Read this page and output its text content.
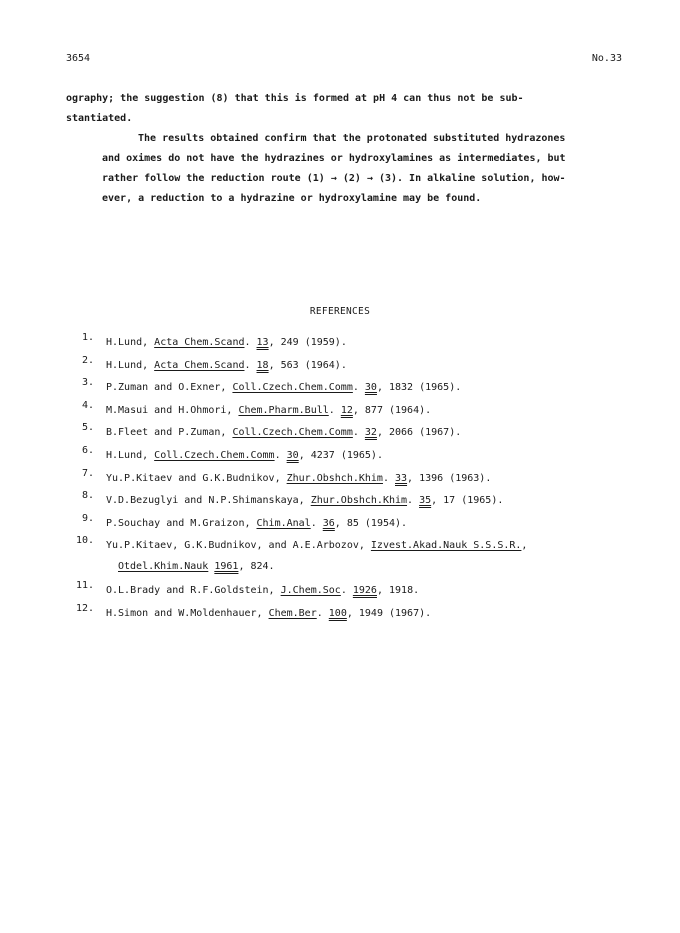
3654	No.33

ography; the suggestion (8) that this is formed at pH 4 can thus not be sub-
stantiated.

The results obtained confirm that the protonated substituted hydrazones
and oximes do not have the hydrazines or hydroxylamines as intermediates, but
rather follow the reduction route (1) → (2) → (3). In alkaline solution, how-
ever, a reduction to a hydrazine or hydroxylamine may be found.

REFERENCES
1. H.Lund, Acta Chem.Scand. 13, 249 (1959).
2. H.Lund, Acta Chem.Scand. 18, 563 (1964).
3. P.Zuman and O.Exner, Coll.Czech.Chem.Comm. 30, 1832 (1965).
4. M.Masui and H.Ohmori, Chem.Pharm.Bull. 12, 877 (1964).
5. B.Fleet and P.Zuman, Coll.Czech.Chem.Comm. 32, 2066 (1967).
6. H.Lund, Coll.Czech.Chem.Comm. 30, 4237 (1965).
7. Yu.P.Kitaev and G.K.Budnikov, Zhur.Obshch.Khim. 33, 1396 (1963).
8. V.D.Bezuglyi and N.P.Shimanskaya, Zhur.Obshch.Khim. 35, 17 (1965).
9. P.Souchay and M.Graizon, Chim.Anal. 36, 85 (1954).
10. Yu.P.Kitaev, G.K.Budnikov, and A.E.Arbozov, Izvest.Akad.Nauk S.S.S.R.,
Otdel.Khim.Nauk 1961, 824.
11. O.L.Brady and R.F.Goldstein, J.Chem.Soc. 1926, 1918.
12. H.Simon and W.Moldenhauer, Chem.Ber. 100, 1949 (1967).
